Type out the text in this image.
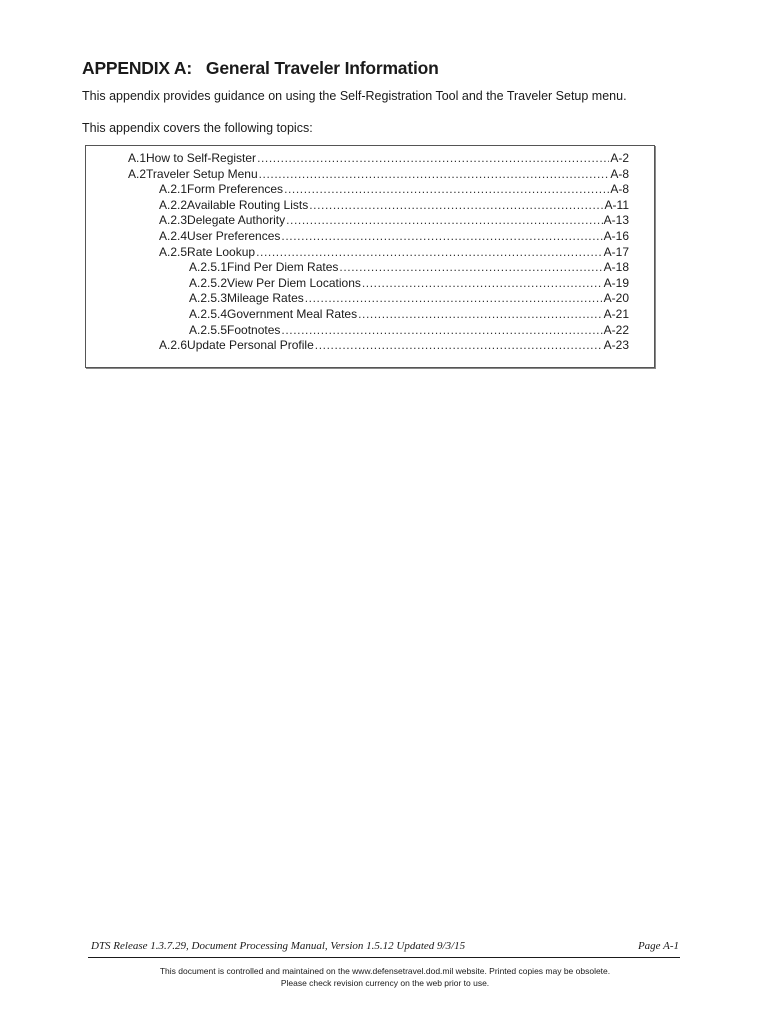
APPENDIX A:   General Traveler Information
This appendix provides guidance on using the Self-Registration Tool and the Traveler Setup menu.
This appendix covers the following topics:
A.1 How to Self-Register .....	A-2
A.2 Traveler Setup Menu .....	A-8
A.2.1 Form Preferences .....	A-8
A.2.2 Available Routing Lists .....	A-11
A.2.3 Delegate Authority .....	A-13
A.2.4 User Preferences .....	A-16
A.2.5 Rate Lookup .....	A-17
A.2.5.1 Find Per Diem Rates .....	A-18
A.2.5.2 View Per Diem Locations .....	A-19
A.2.5.3 Mileage Rates .....	A-20
A.2.5.4 Government Meal Rates .....	A-21
A.2.5.5 Footnotes .....	A-22
A.2.6 Update Personal Profile .....	A-23
DTS Release 1.3.7.29, Document Processing Manual, Version 1.5.12 Updated 9/3/15	Page A-1
This document is controlled and maintained on the www.defensetravel.dod.mil website. Printed copies may be obsolete.
Please check revision currency on the web prior to use.
